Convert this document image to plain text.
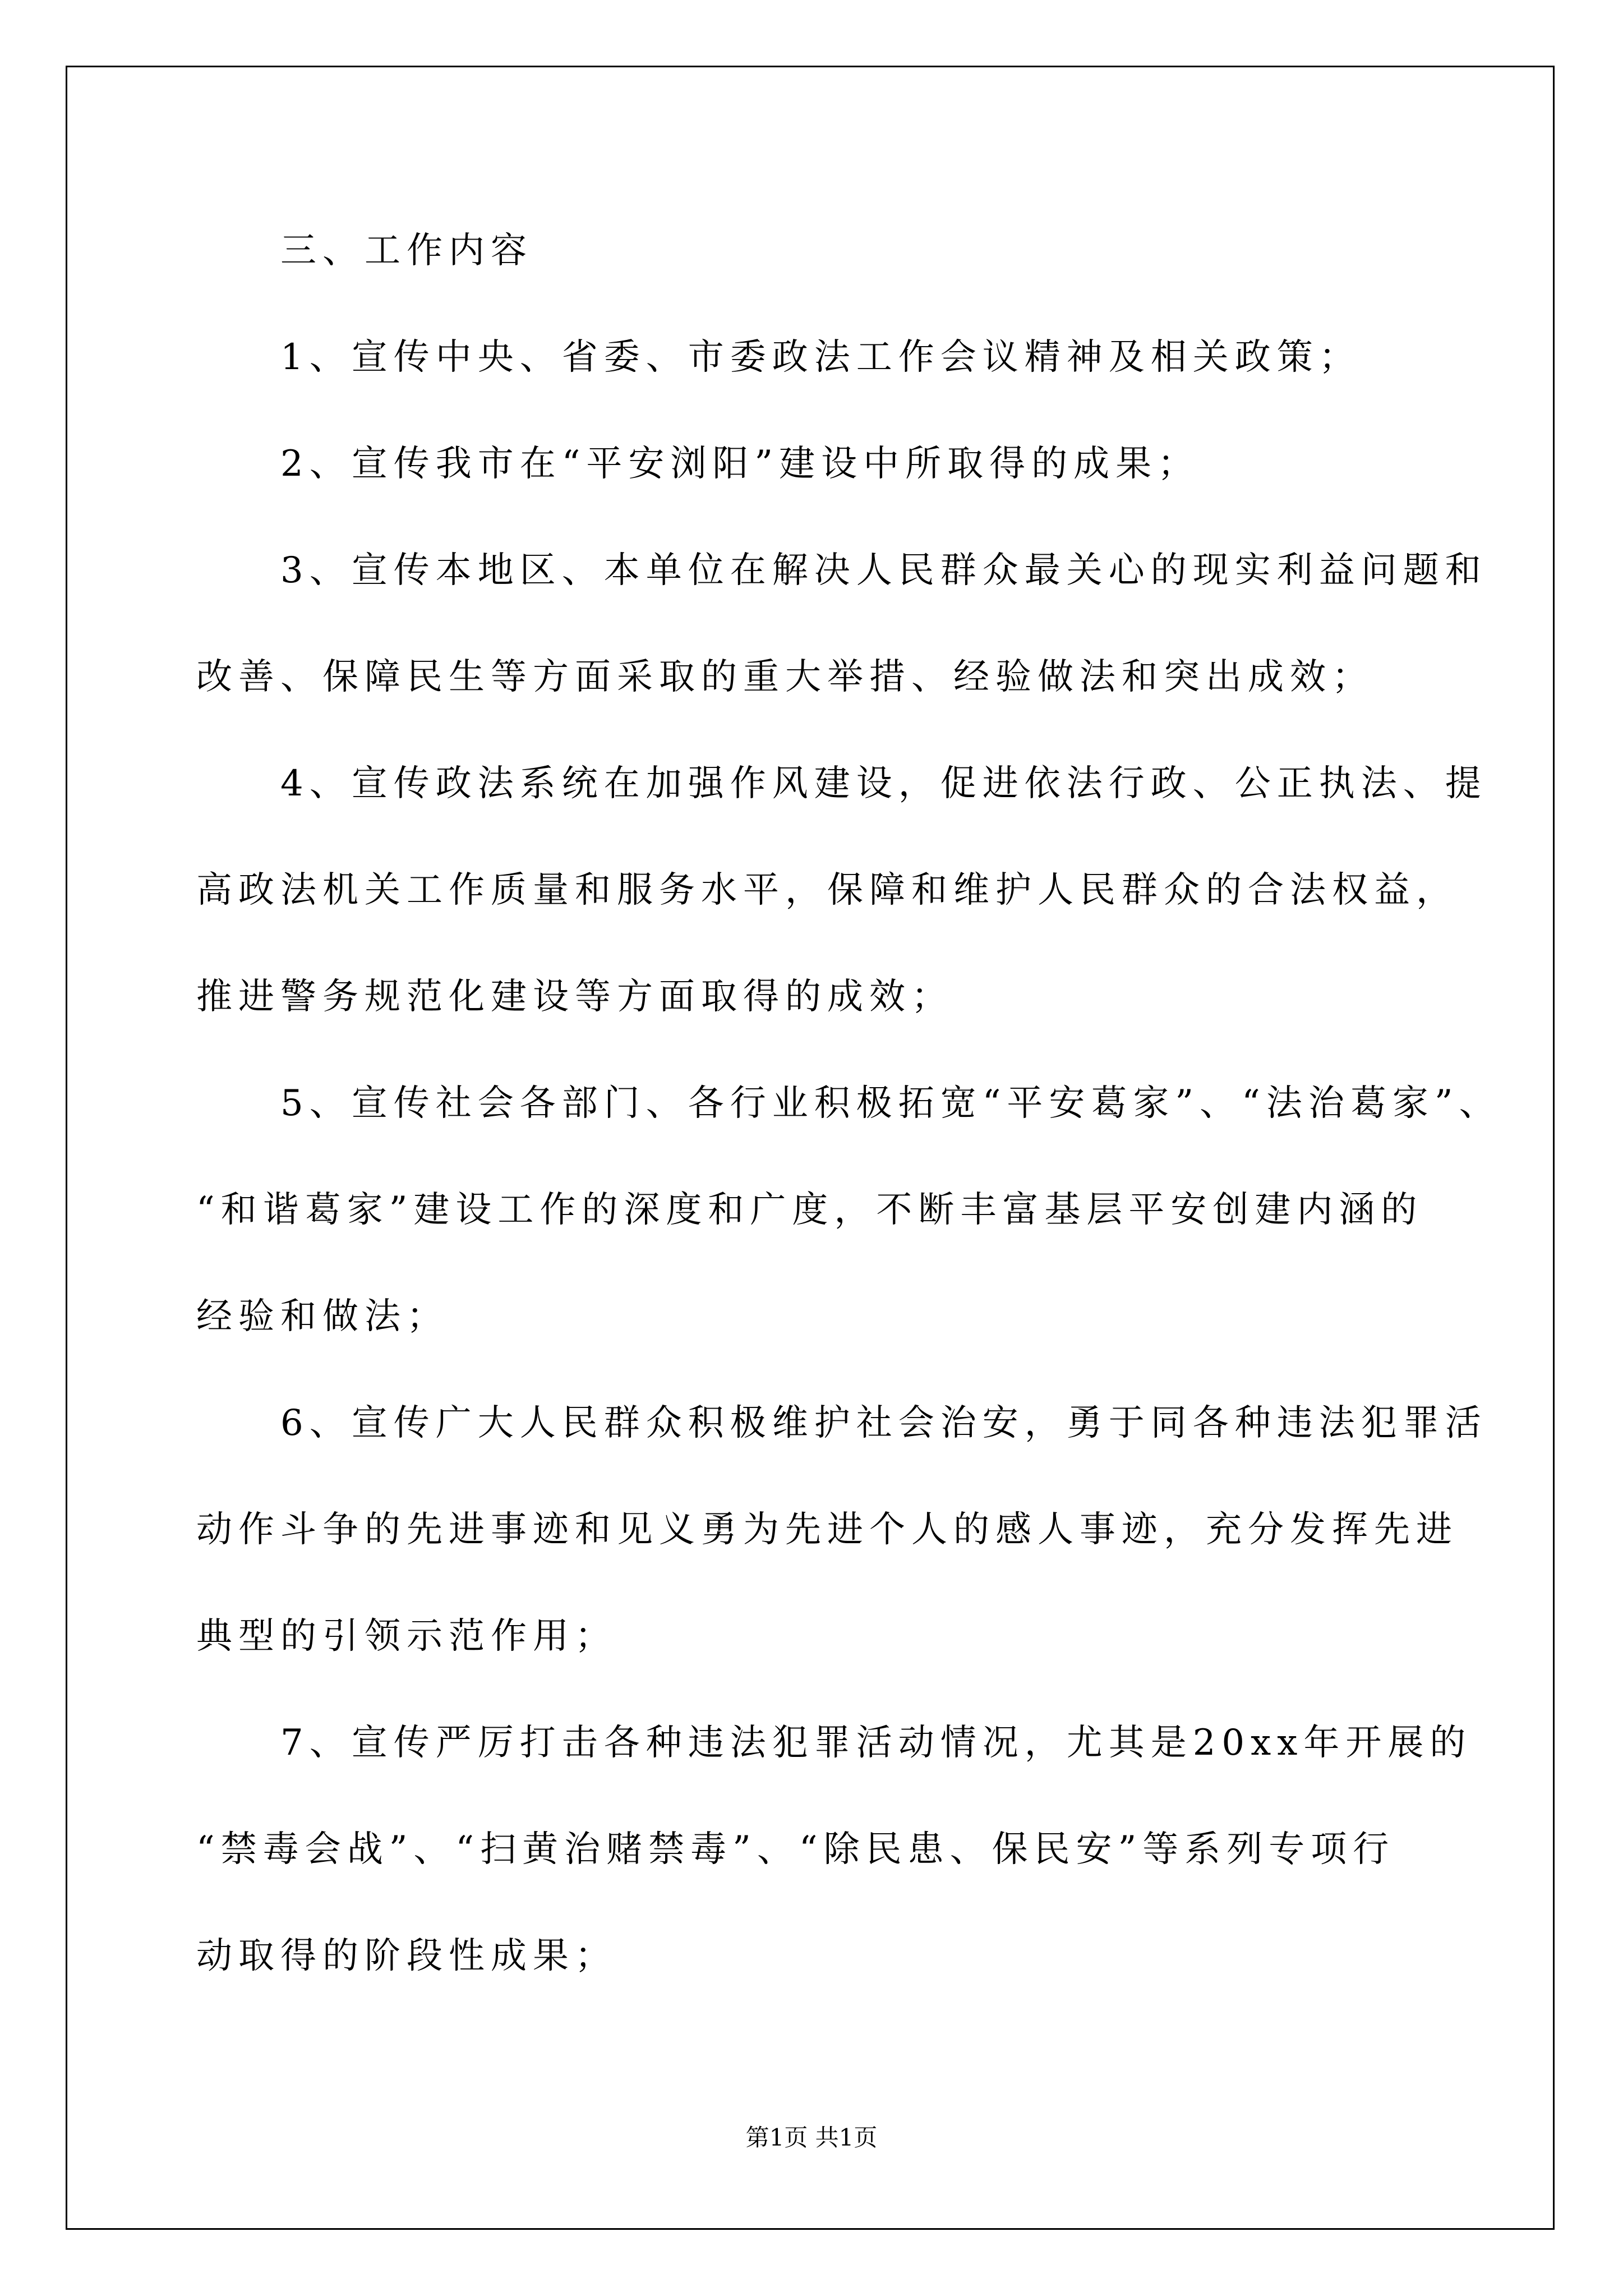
三、工作内容
1、宣传中央、省委、市委政法工作会议精神及相关政策；
2、宣传我市在“平安浏阳”建设中所取得的成果；
3、宣传本地区、本单位在解决人民群众最关心的现实利益问题和
改善、保障民生等方面采取的重大举措、经验做法和突出成效；
4、宣传政法系统在加强作风建设，促进依法行政、公正执法、提
高政法机关工作质量和服务水平，保障和维护人民群众的合法权益，
推进警务规范化建设等方面取得的成效；
5、宣传社会各部门、各行业积极拓宽“平安葛家”、“法治葛家”、
“和谐葛家”建设工作的深度和广度，不断丰富基层平安创建内涵的
经验和做法；
6、宣传广大人民群众积极维护社会治安，勇于同各种违法犯罪活
动作斗争的先进事迹和见义勇为先进个人的感人事迹，充分发挥先进
典型的引领示范作用；
7、宣传严厉打击各种违法犯罪活动情况，尤其是20xx年开展的
“禁毒会战”、“扫黄治赌禁毒”、“除民患、保民安”等系列专项行
动取得的阶段性成果；
第1页 共1页
